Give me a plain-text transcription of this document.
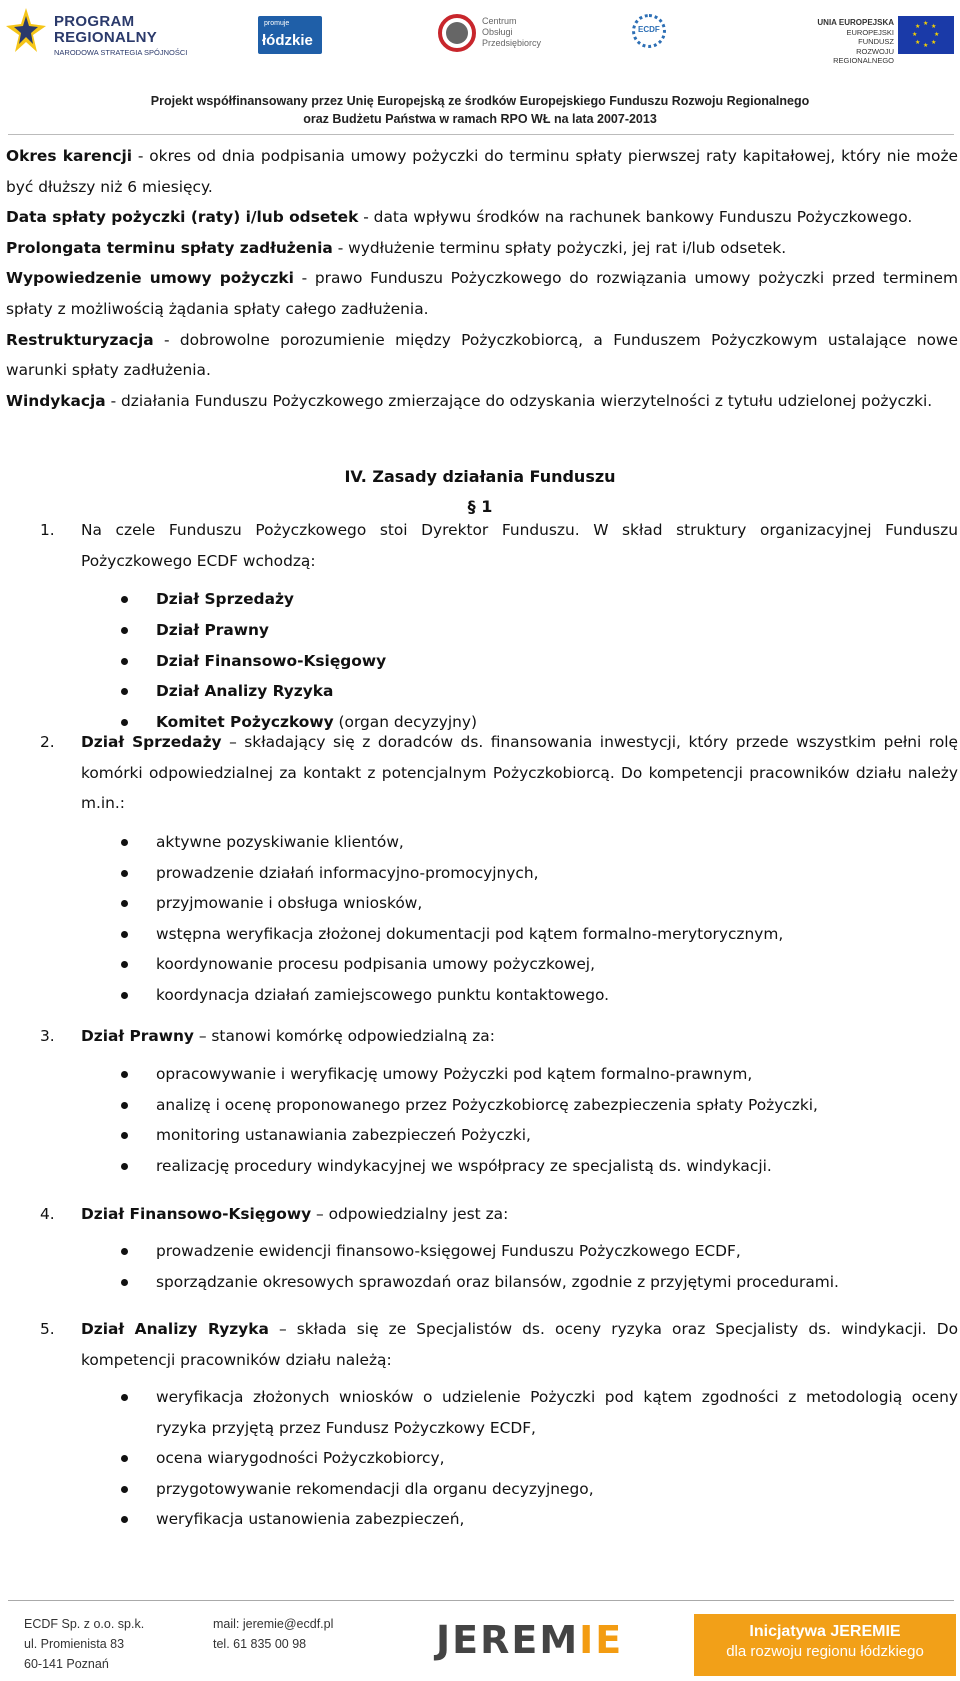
PROGRAM
REGIONALNY
NARODOWA STRATEGIA SPÓJNOŚCI
promuje
łódzkie
Centrum
Obsługi
Przedsiębiorcy
ECDF
UNIA EUROPEJSKA
EUROPEJSKI FUNDUSZ
ROZWOJU REGIONALNEGO
★ ★
★
★
★
★
★
★
Projekt współfinansowany przez Unię Europejską ze środków Europejskiego Funduszu Rozwoju Regionalnego
oraz Budżetu Państwa w ramach RPO WŁ na lata 2007-2013

Okres karencji - okres od dnia podpisania umowy pożyczki do terminu spłaty pierwszej raty kapitałowej, który nie może być dłuższy niż 6 miesięcy.

Data spłaty pożyczki (raty) i/lub odsetek - data wpływu środków na rachunek bankowy Funduszu Pożyczkowego.

Prolongata terminu spłaty zadłużenia - wydłużenie terminu spłaty pożyczki, jej rat i/lub odsetek.

Wypowiedzenie umowy pożyczki - prawo Funduszu Pożyczkowego do rozwiązania umowy pożyczki przed terminem spłaty z możliwością żądania spłaty całego zadłużenia.

Restrukturyzacja - dobrowolne porozumienie między Pożyczkobiorcą, a Funduszem Pożyczkowym ustalające nowe warunki spłaty zadłużenia.

Windykacja - działania Funduszu Pożyczkowego zmierzające do odzyskania wierzytelności z tytułu udzielonej pożyczki.

IV. Zasady działania Funduszu
§ 1
1. Na czele Funduszu Pożyczkowego stoi Dyrektor Funduszu. W skład struktury organizacyjnej Funduszu Pożyczkowego ECDF wchodzą:
Dział Sprzedaży
Dział Prawny
Dział Finansowo-Księgowy
Dział Analizy Ryzyka
Komitet Pożyczkowy (organ decyzyjny)
2. Dział Sprzedaży – składający się z doradców ds. finansowania inwestycji, który przede wszystkim pełni rolę komórki odpowiedzialnej za kontakt z potencjalnym Pożyczkobiorcą. Do kompetencji pracowników działu należy m.in.:
aktywne pozyskiwanie klientów,
prowadzenie działań informacyjno-promocyjnych,
przyjmowanie i obsługa wniosków,
wstępna weryfikacja złożonej dokumentacji pod kątem formalno-merytorycznym,
koordynowanie procesu podpisania umowy pożyczkowej,
koordynacja działań zamiejscowego punktu kontaktowego.
3. Dział Prawny – stanowi komórkę odpowiedzialną za:
opracowywanie i weryfikację umowy Pożyczki pod kątem formalno-prawnym,
analizę i ocenę proponowanego przez Pożyczkobiorcę zabezpieczenia spłaty Pożyczki,
monitoring ustanawiania zabezpieczeń Pożyczki,
realizację procedury windykacyjnej we współpracy ze specjalistą ds. windykacji.
4. Dział Finansowo-Księgowy – odpowiedzialny jest za:
prowadzenie ewidencji finansowo-księgowej Funduszu Pożyczkowego ECDF,
sporządzanie okresowych sprawozdań oraz bilansów, zgodnie z przyjętymi procedurami.
5. Dział Analizy Ryzyka – składa się ze Specjalistów ds. oceny ryzyka oraz Specjalisty ds. windykacji. Do kompetencji pracowników działu należą:
weryfikacja złożonych wniosków o udzielenie Pożyczki pod kątem zgodności z metodologią oceny ryzyka przyjętą przez Fundusz Pożyczkowy ECDF,
ocena wiarygodności Pożyczkobiorcy,
przygotowywanie rekomendacji dla organu decyzyjnego,
weryfikacja ustanowienia zabezpieczeń,
ECDF Sp. z o.o. sp.k.
ul. Promienista 83
60-141 Poznań
mail: jeremie@ecdf.pl
tel. 61 835 00 98	JEREMIE	Inicjatywa JEREMIE
dla rozwoju regionu łódzkiego
